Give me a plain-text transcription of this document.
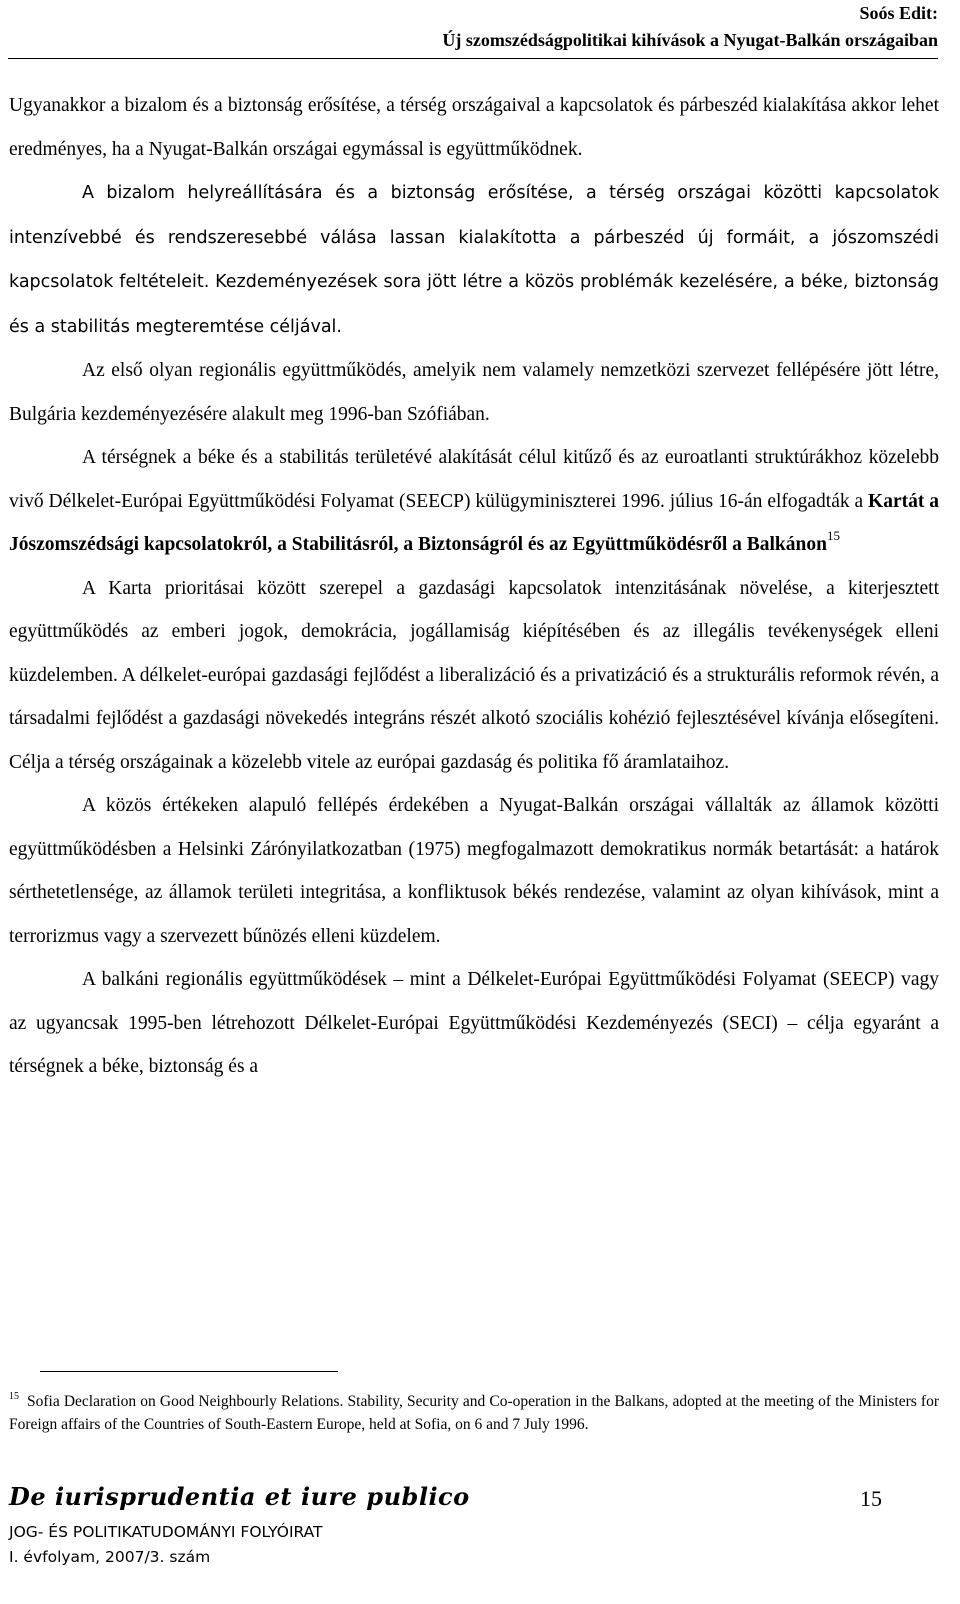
Soós Edit:
Új szomszédságpolitikai kihívások a Nyugat-Balkán országaiban

Ugyanakkor a bizalom és a biztonság erősítése, a térség országaival a kapcsolatok és párbeszéd kialakítása akkor lehet eredményes, ha a Nyugat-Balkán országai egymással is együttműködnek.

A bizalom helyreállítására és a biztonság erősítése, a térség országai közötti kapcsolatok intenzívebbé és rendszeresebbé válása lassan kialakította a párbeszéd új formáit, a jószomszédi kapcsolatok feltételeit. Kezdeményezések sora jött létre a közös problémák kezelésére, a béke, biztonság és a stabilitás megteremtése céljával.

Az első olyan regionális együttműködés, amelyik nem valamely nemzetközi szervezet fellépésére jött létre, Bulgária kezdeményezésére alakult meg 1996-ban Szófiában.

A térségnek a béke és a stabilitás területévé alakítását célul kitűző és az euroatlanti struktúrákhoz közelebb vivő Délkelet-Európai Együttműködési Folyamat (SEECP) külügyminiszterei 1996. július 16-án elfogadták a Kartát a Jószomszédsági kapcsolatokról, a Stabilitásról, a Biztonságról és az Együttműködésről a Balkánon$^{15}$

A Karta prioritásai között szerepel a gazdasági kapcsolatok intenzitásának növelése, a kiterjesztett együttműködés az emberi jogok, demokrácia, jogállamiság kiépítésében és az illegális tevékenységek elleni küzdelemben. A délkelet-európai gazdasági fejlődést a liberalizáció és a privatizáció és a strukturális reformok révén, a társadalmi fejlődést a gazdasági növekedés integráns részét alkotó szociális kohézió fejlesztésével kívánja elősegíteni. Célja a térség országainak a közelebb vitele az európai gazdaság és politika fő áramlataihoz.

A közös értékeken alapuló fellépés érdekében a Nyugat-Balkán országai vállalták az államok közötti együttműködésben a Helsinki Zárónyilatkozatban (1975) megfogalmazott demokratikus normák betartását: a határok sérthetetlensége, az államok területi integritása, a konfliktusok békés rendezése, valamint az olyan kihívások, mint a terrorizmus vagy a szervezett bűnözés elleni küzdelem.

A balkáni regionális együttműködések – mint a Délkelet-Európai Együttműködési Folyamat (SEECP) vagy az ugyancsak 1995-ben létrehozott Délkelet-Európai Együttműködési Kezdeményezés (SECI) – célja egyaránt a térségnek a béke, biztonság és a

$^{15}$ Sofia Declaration on Good Neighbourly Relations. Stability, Security and Co-operation in the Balkans, adopted at the meeting of the Ministers for Foreign affairs of the Countries of South-Eastern Europe, held at Sofia, on 6 and 7 July 1996.
De iurisprudentia et iure publico
JOG- ÉS POLITIKATUDOMÁNYI FOLYÓIRAT
I. évfolyam, 2007/3. szám
15
